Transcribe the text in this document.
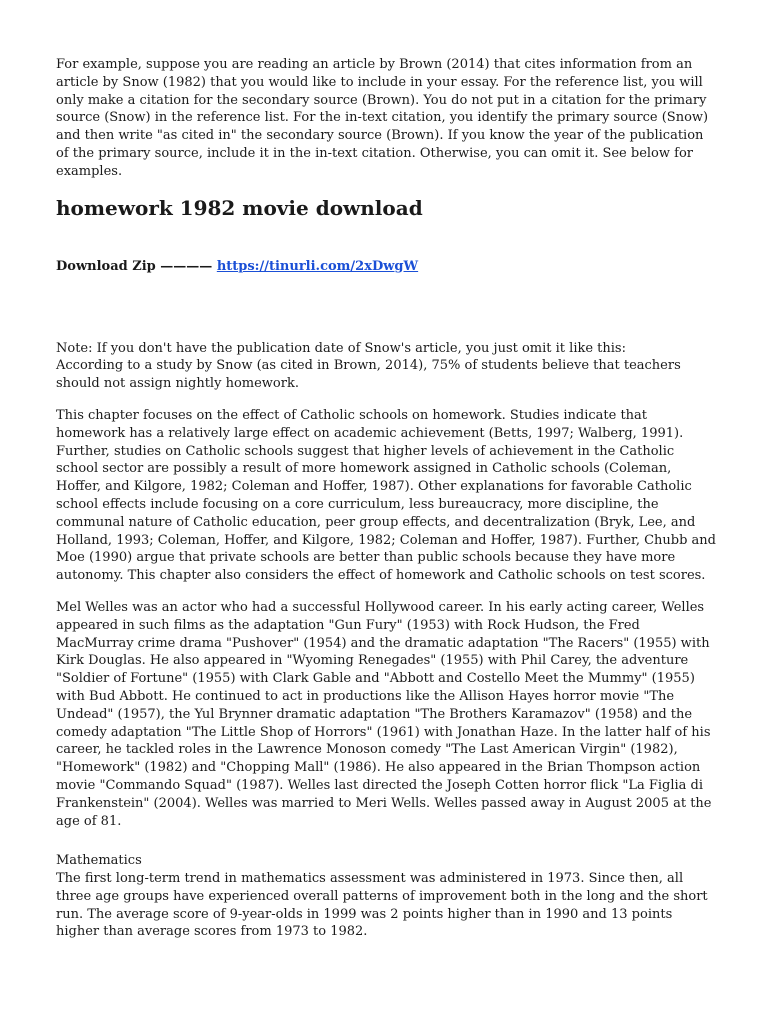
For example, suppose you are reading an article by Brown (2014) that cites information from an article by Snow (1982) that you would like to include in your essay. For the reference list, you will only make a citation for the secondary source (Brown). You do not put in a citation for the primary source (Snow) in the reference list. For the in-text citation, you identify the primary source (Snow) and then write "as cited in" the secondary source (Brown). If you know the year of the publication of the primary source, include it in the in-text citation. Otherwise, you can omit it. See below for examples.

homework 1982 movie download
Download Zip ———— https://tinurli.com/2xDwgW

Note: If you don't have the publication date of Snow's article, you just omit it like this:

According to a study by Snow (as cited in Brown, 2014), 75% of students believe that teachers should not assign nightly homework.

This chapter focuses on the effect of Catholic schools on homework. Studies indicate that homework has a relatively large effect on academic achievement (Betts, 1997; Walberg, 1991). Further, studies on Catholic schools suggest that higher levels of achievement in the Catholic school sector are possibly a result of more homework assigned in Catholic schools (Coleman, Hoffer, and Kilgore, 1982; Coleman and Hoffer, 1987). Other explanations for favorable Catholic school effects include focusing on a core curriculum, less bureaucracy, more discipline, the communal nature of Catholic education, peer group effects, and decentralization (Bryk, Lee, and Holland, 1993; Coleman, Hoffer, and Kilgore, 1982; Coleman and Hoffer, 1987). Further, Chubb and Moe (1990) argue that private schools are better than public schools because they have more autonomy. This chapter also considers the effect of homework and Catholic schools on test scores.

Mel Welles was an actor who had a successful Hollywood career. In his early acting career, Welles appeared in such films as the adaptation "Gun Fury" (1953) with Rock Hudson, the Fred MacMurray crime drama "Pushover" (1954) and the dramatic adaptation "The Racers" (1955) with Kirk Douglas. He also appeared in "Wyoming Renegades" (1955) with Phil Carey, the adventure "Soldier of Fortune" (1955) with Clark Gable and "Abbott and Costello Meet the Mummy" (1955) with Bud Abbott. He continued to act in productions like the Allison Hayes horror movie "The Undead" (1957), the Yul Brynner dramatic adaptation "The Brothers Karamazov" (1958) and the comedy adaptation "The Little Shop of Horrors" (1961) with Jonathan Haze. In the latter half of his career, he tackled roles in the Lawrence Monoson comedy "The Last American Virgin" (1982), "Homework" (1982) and "Chopping Mall" (1986). He also appeared in the Brian Thompson action movie "Commando Squad" (1987). Welles last directed the Joseph Cotten horror flick "La Figlia di Frankenstein" (2004). Welles was married to Meri Wells. Welles passed away in August 2005 at the age of 81.

Mathematics

The first long-term trend in mathematics assessment was administered in 1973. Since then, all three age groups have experienced overall patterns of improvement both in the long and the short run. The average score of 9-year-olds in 1999 was 2 points higher than in 1990 and 13 points higher than average scores from 1973 to 1982.
